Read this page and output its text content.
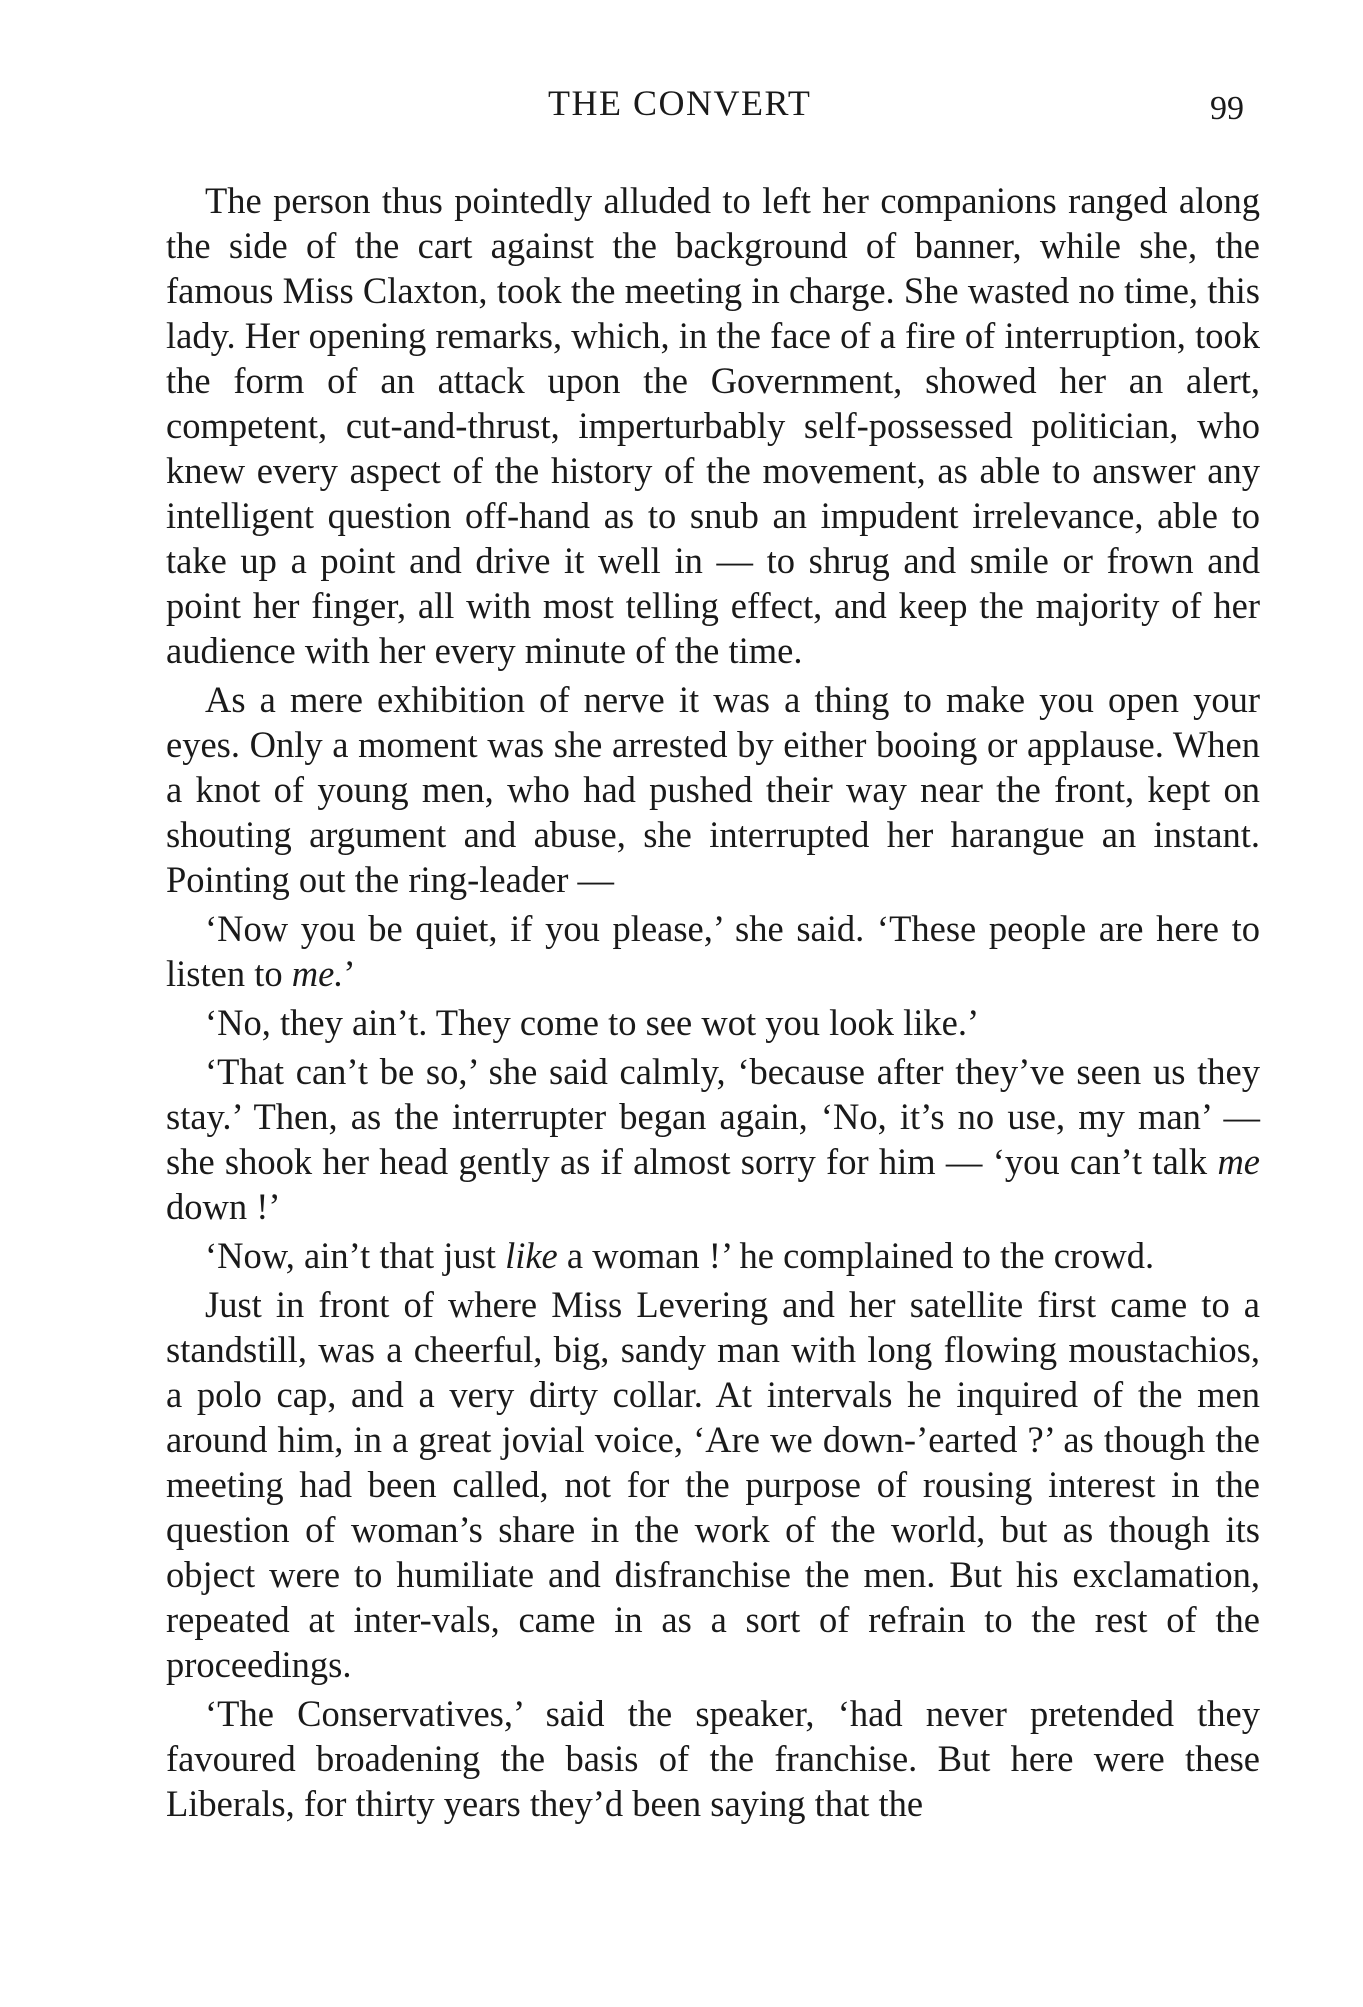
THE CONVERT	99

The person thus pointedly alluded to left her companions ranged along the side of the cart against the background of banner, while she, the famous Miss Claxton, took the meeting in charge. She wasted no time, this lady. Her opening remarks, which, in the face of a fire of interruption, took the form of an attack upon the Government, showed her an alert, competent, cut-and-thrust, imperturbably self-possessed politician, who knew every aspect of the history of the movement, as able to answer any intelligent question off-hand as to snub an impudent irrelevance, able to take up a point and drive it well in — to shrug and smile or frown and point her finger, all with most telling effect, and keep the majority of her audience with her every minute of the time.

As a mere exhibition of nerve it was a thing to make you open your eyes. Only a moment was she arrested by either booing or applause. When a knot of young men, who had pushed their way near the front, kept on shouting argument and abuse, she interrupted her harangue an instant. Pointing out the ring-leader —

‘Now you be quiet, if you please,’ she said. ‘These people are here to listen to me.’

‘No, they ain’t. They come to see wot you look like.’

‘That can’t be so,’ she said calmly, ‘because after they’ve seen us they stay.’ Then, as the interrupter began again, ‘No, it’s no use, my man’ — she shook her head gently as if almost sorry for him — ‘you can’t talk me down !’

‘Now, ain’t that just like a woman !’ he complained to the crowd.

Just in front of where Miss Levering and her satellite first came to a standstill, was a cheerful, big, sandy man with long flowing moustachios, a polo cap, and a very dirty collar. At intervals he inquired of the men around him, in a great jovial voice, ‘Are we down-’earted ?’ as though the meeting had been called, not for the purpose of rousing interest in the question of woman’s share in the work of the world, but as though its object were to humiliate and disfranchise the men. But his exclamation, repeated at inter-vals, came in as a sort of refrain to the rest of the proceedings.

‘The Conservatives,’ said the speaker, ‘had never pretended they favoured broadening the basis of the franchise. But here were these Liberals, for thirty years they’d been saying that the
